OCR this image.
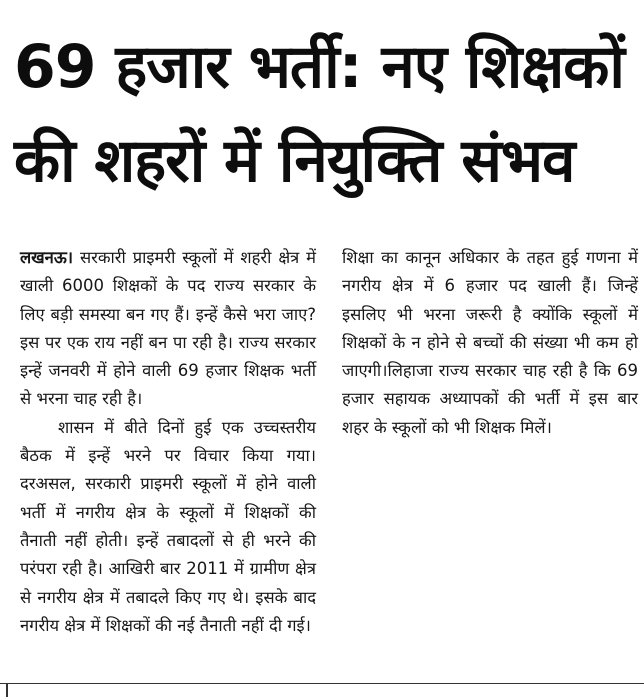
69 हजार भर्ती: नए शिक्षकों
की शहरों में नियुक्ति संभव

लखनऊ। सरकारी प्राइमरी स्कूलों में शहरी क्षेत्र में खाली 6000 शिक्षकों के पद राज्य सरकार के लिए बड़ी समस्या बन गए हैं। इन्हें कैसे भरा जाए? इस पर एक राय नहीं बन पा रही है। राज्य सरकार इन्हें जनवरी में होने वाली 69 हजार शिक्षक भर्ती से भरना चाह रही है।

शासन में बीते दिनों हुई एक उच्चस्तरीय बैठक में इन्हें भरने पर विचार किया गया। दरअसल, सरकारी प्राइमरी स्कूलों में होने वाली भर्ती में नगरीय क्षेत्र के स्कूलों में शिक्षकों की तैनाती नहीं होती। इन्हें तबादलों से ही भरने की परंपरा रही है। आखिरी बार 2011 में ग्रामीण क्षेत्र से नगरीय क्षेत्र में तबादले किए गए थे। इसके बाद नगरीय क्षेत्र में शिक्षकों की नई तैनाती नहीं दी गई।

शिक्षा का कानून अधिकार के तहत हुई गणना में नगरीय क्षेत्र में 6 हजार पद खाली हैं। जिन्हें इसलिए भी भरना जरूरी है क्योंकि स्कूलों में शिक्षकों के न होने से बच्चों की संख्या भी कम हो जाएगी।लिहाजा राज्य सरकार चाह रही है कि 69 हजार सहायक अध्यापकों की भर्ती में इस बार शहर के स्कूलों को भी शिक्षक मिलें।
